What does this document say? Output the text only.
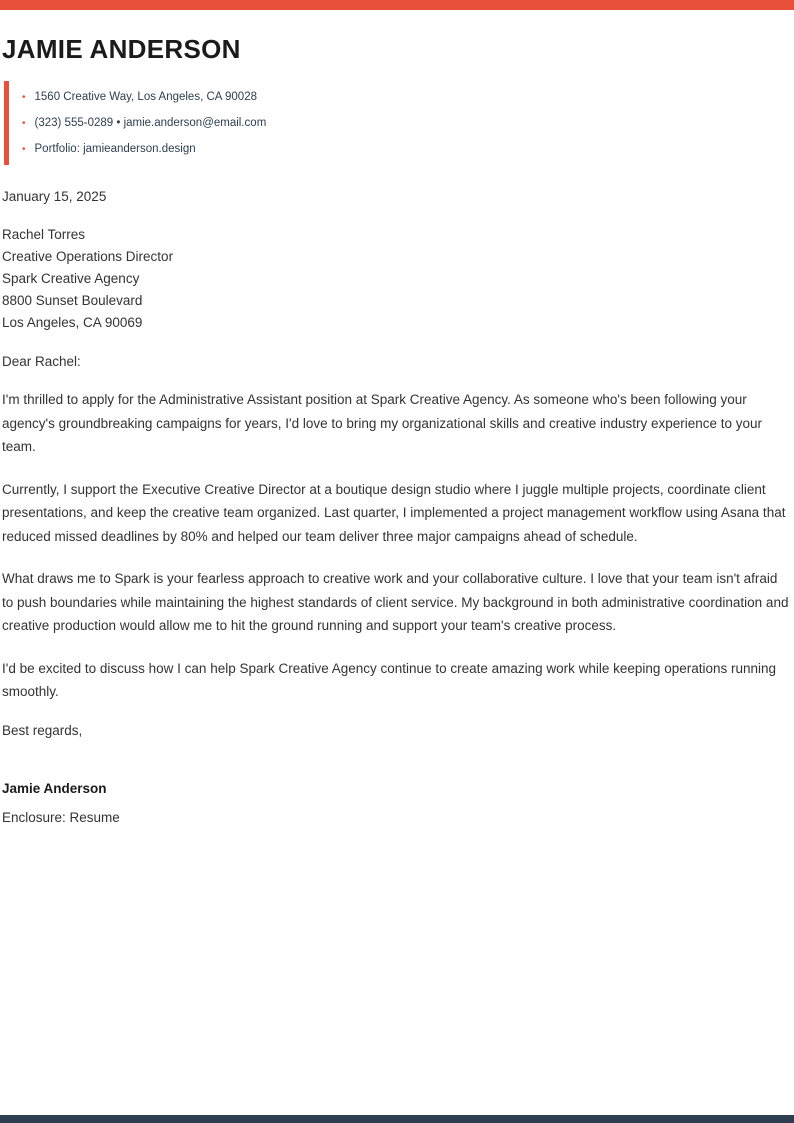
JAMIE ANDERSON
• 1560 Creative Way, Los Angeles, CA 90028
• (323) 555-0289 • jamie.anderson@email.com
• Portfolio: jamieanderson.design
January 15, 2025
Rachel Torres
Creative Operations Director
Spark Creative Agency
8800 Sunset Boulevard
Los Angeles, CA 90069
Dear Rachel:

I'm thrilled to apply for the Administrative Assistant position at Spark Creative Agency. As someone who's been following your agency's groundbreaking campaigns for years, I'd love to bring my organizational skills and creative industry experience to your team.

Currently, I support the Executive Creative Director at a boutique design studio where I juggle multiple projects, coordinate client presentations, and keep the creative team organized. Last quarter, I implemented a project management workflow using Asana that reduced missed deadlines by 80% and helped our team deliver three major campaigns ahead of schedule.

What draws me to Spark is your fearless approach to creative work and your collaborative culture. I love that your team isn't afraid to push boundaries while maintaining the highest standards of client service. My background in both administrative coordination and creative production would allow me to hit the ground running and support your team's creative process.

I'd be excited to discuss how I can help Spark Creative Agency continue to create amazing work while keeping operations running smoothly.

Best regards,
Jamie Anderson
Enclosure: Resume
